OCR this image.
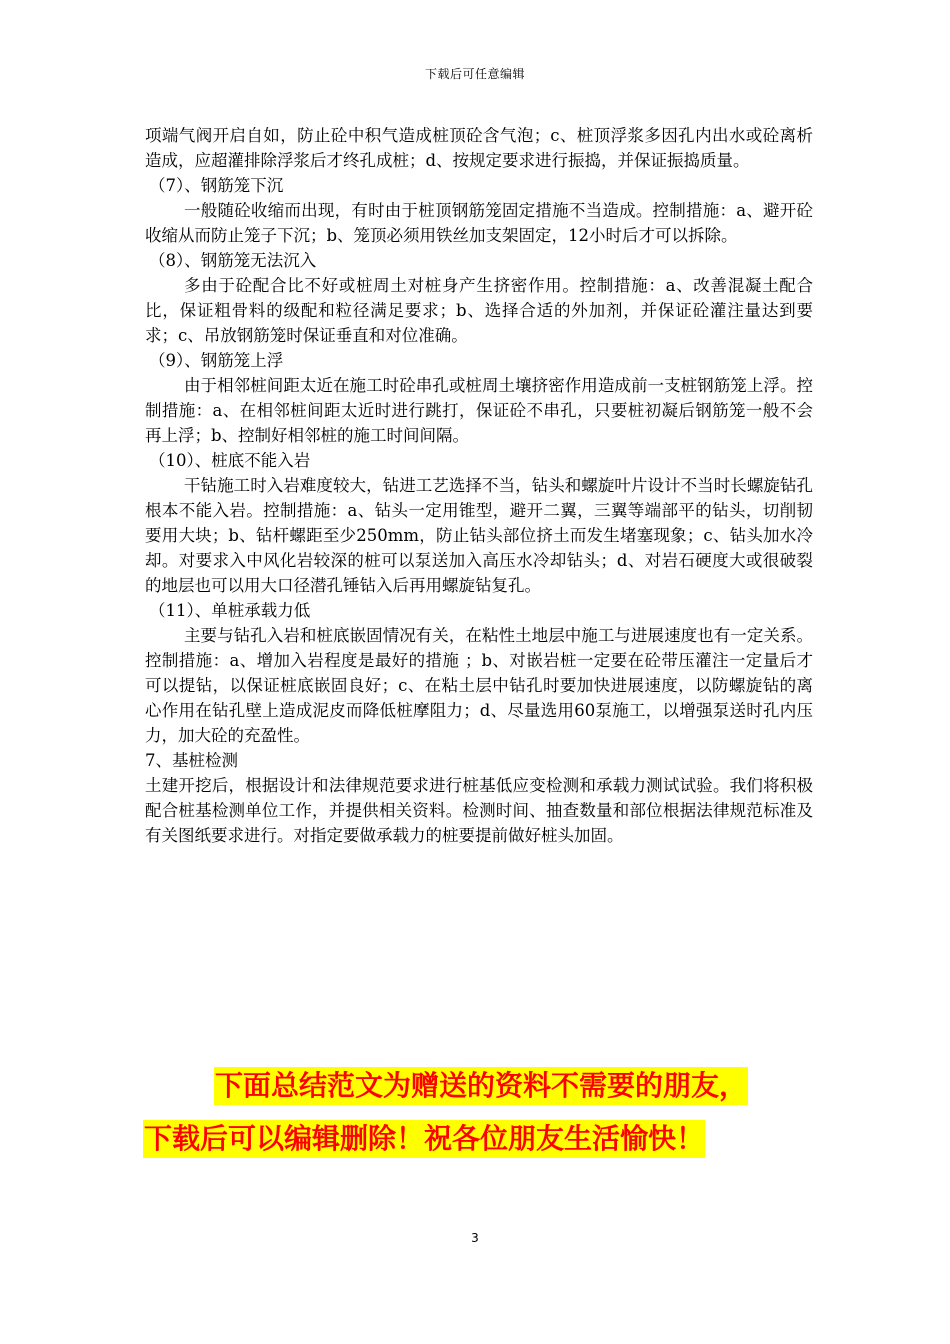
下载后可任意编辑

项端气阀开启自如，防止砼中积气造成桩顶砼含气泡；c、桩顶浮浆多因孔内出水或砼离析造成，应超灌排除浮浆后才终孔成桩；d、按规定要求进行振捣，并保证振捣质量。

（7）、钢筋笼下沉

一般随砼收缩而出现，有时由于桩顶钢筋笼固定措施不当造成。控制措施：a、避开砼收缩从而防止笼子下沉；b、笼顶必须用铁丝加支架固定，12小时后才可以拆除。

（8）、钢筋笼无法沉入

多由于砼配合比不好或桩周土对桩身产生挤密作用。控制措施：a、改善混凝土配合比，保证粗骨料的级配和粒径满足要求；b、选择合适的外加剂，并保证砼灌注量达到要求；c、吊放钢筋笼时保证垂直和对位准确。

（9）、钢筋笼上浮

由于相邻桩间距太近在施工时砼串孔或桩周土壤挤密作用造成前一支桩钢筋笼上浮。控制措施：a、在相邻桩间距太近时进行跳打，保证砼不串孔，只要桩初凝后钢筋笼一般不会再上浮；b、控制好相邻桩的施工时间间隔。

（10）、桩底不能入岩

干钻施工时入岩难度较大，钻进工艺选择不当，钻头和螺旋叶片设计不当时长螺旋钻孔根本不能入岩。控制措施：a、钻头一定用锥型，避开二翼，三翼等端部平的钻头，切削韧要用大块；b、钻杆螺距至少250mm，防止钻头部位挤土而发生堵塞现象；c、钻头加水冷却。对要求入中风化岩较深的桩可以泵送加入高压水冷却钻头；d、对岩石硬度大或很破裂的地层也可以用大口径潜孔锤钻入后再用螺旋钻复孔。

（11）、单桩承载力低

主要与钻孔入岩和桩底嵌固情况有关，在粘性土地层中施工与进展速度也有一定关系。控制措施：a、增加入岩程度是最好的措施 ；b、对嵌岩桩一定要在砼带压灌注一定量后才可以提钻，以保证桩底嵌固良好；c、在粘土层中钻孔时要加快进展速度，以防螺旋钻的离心作用在钻孔壁上造成泥皮而降低桩摩阻力；d、尽量选用60泵施工，以增强泵送时孔内压力，加大砼的充盈性。

7、基桩检测

土建开挖后，根据设计和法律规范要求进行桩基低应变检测和承载力测试试验。我们将积极配合桩基检测单位工作，并提供相关资料。检测时间、抽查数量和部位根据法律规范标准及有关图纸要求进行。对指定要做承载力的桩要提前做好桩头加固。

下面总结范文为赠送的资料不需要的朋友，
下载后可以编辑删除！祝各位朋友生活愉快！
3
